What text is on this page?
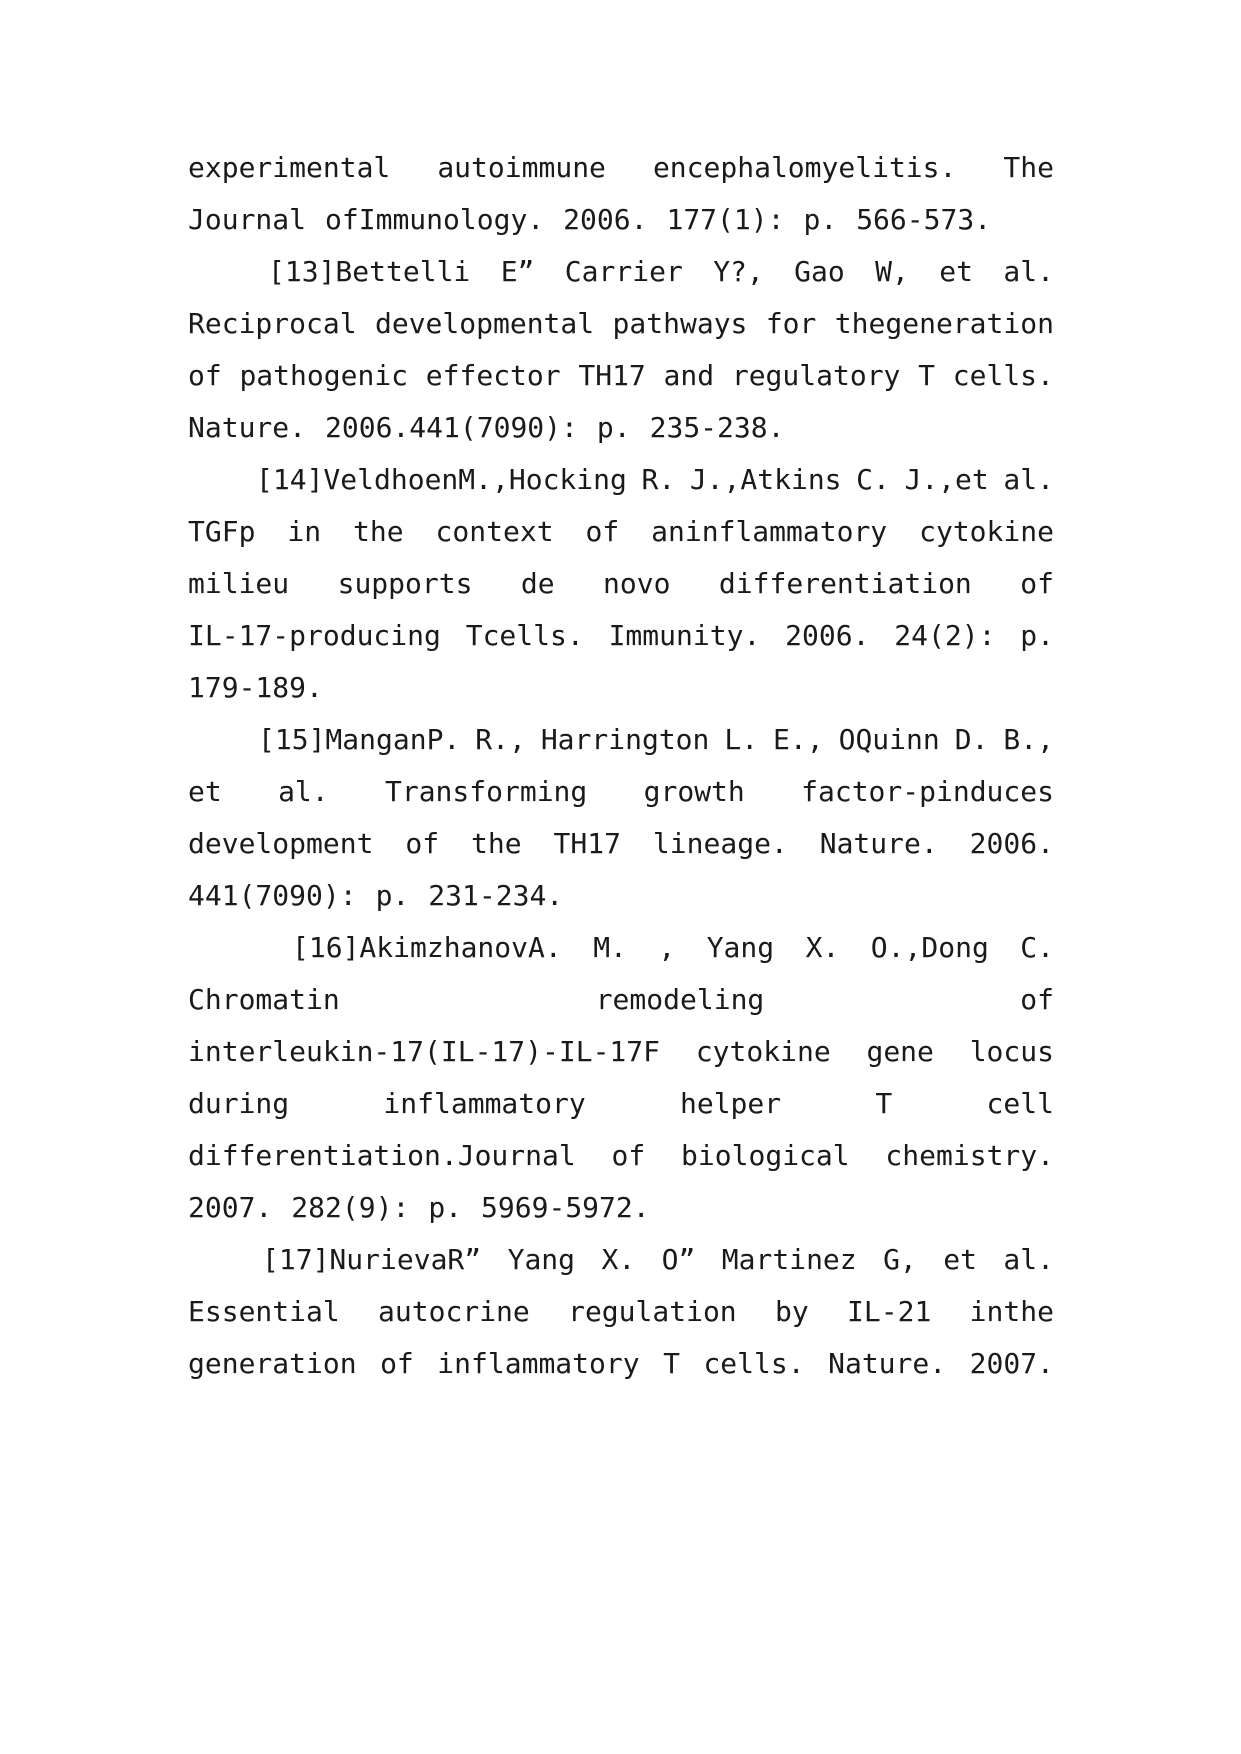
experimental autoimmune encephalomyelitis. The
Journal ofImmunology. 2006. 177(1): p. 566-573.
[13]Bettelli E” Carrier Y?, Gao W, et al.
Reciprocal developmental pathways for thegeneration
of pathogenic effector TH17 and regulatory T cells.
Nature. 2006.441(7090): p. 235-238.
[14]VeldhoenM.,Hocking R. J.,Atkins C. J.,et al.
TGFp in the context of aninflammatory cytokine
milieu supports de novo differentiation of
IL-17-producing Tcells. Immunity. 2006. 24(2): p.
179-189.
[15]ManganP. R., Harrington L. E., OQuinn D. B.,
et al. Transforming growth factor-pinduces
development of the TH17 lineage. Nature. 2006.
441(7090): p. 231-234.
[16]AkimzhanovA. M. , Yang X. O.,Dong C.
Chromatin	remodeling	of
interleukin-17(IL-17)-IL-17F cytokine gene locus
during	inflammatory	helper	T	cell
differentiation.Journal of biological chemistry.
2007. 282(9): p. 5969-5972.
[17]NurievaR” Yang X. O” Martinez G, et al.
Essential autocrine regulation by IL-21 inthe
generation of inflammatory T cells. Nature. 2007.
